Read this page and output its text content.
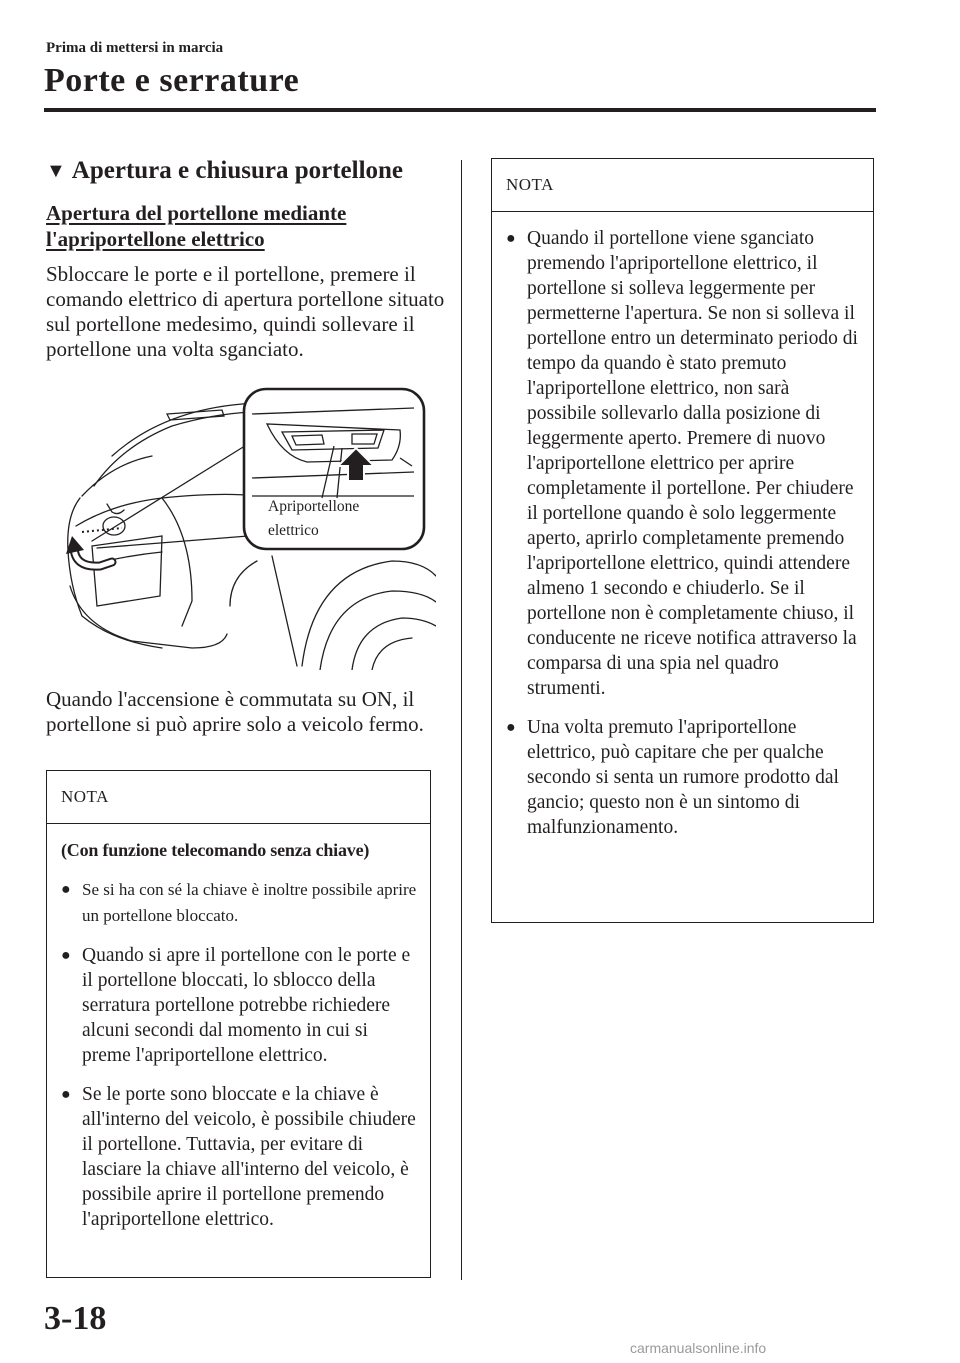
Prima di mettersi in marcia
Porte e serrature
▼ Apertura e chiusura portellone
Apertura del portellone mediante l'apriportellone elettrico
Sbloccare le porte e il portellone, premere il comando elettrico di apertura portellone situato sul portellone medesimo, quindi sollevare il portellone una volta sganciato.
Apriportellone
elettrico
Quando l'accensione è commutata su ON, il portellone si può aprire solo a veicolo fermo.
NOTA
(Con funzione telecomando senza chiave)
● Se si ha con sé la chiave è inoltre possibile aprire un portellone bloccato.
● Quando si apre il portellone con le porte e il portellone bloccati, lo sblocco della serratura portellone potrebbe richiedere alcuni secondi dal momento in cui si preme l'apriportellone elettrico.
● Se le porte sono bloccate e la chiave è all'interno del veicolo, è possibile chiudere il portellone. Tuttavia, per evitare di lasciare la chiave all'interno del veicolo, è possibile aprire il portellone premendo l'apriportellone elettrico.
NOTA
● Quando il portellone viene sganciato premendo l'apriportellone elettrico, il portellone si solleva leggermente per permetterne l'apertura. Se non si solleva il portellone entro un determinato periodo di tempo da quando è stato premuto l'apriportellone elettrico, non sarà possibile sollevarlo dalla posizione di leggermente aperto. Premere di nuovo l'apriportellone elettrico per aprire completamente il portellone. Per chiudere il portellone quando è solo leggermente aperto, aprirlo completamente premendo l'apriportellone elettrico, quindi attendere almeno 1 secondo e chiuderlo. Se il portellone non è completamente chiuso, il conducente ne riceve notifica attraverso la comparsa di una spia nel quadro strumenti.
● Una volta premuto l'apriportellone elettrico, può capitare che per qualche secondo si senta un rumore prodotto dal gancio; questo non è un sintomo di malfunzionamento.
3-18
carmanualsonline.info
